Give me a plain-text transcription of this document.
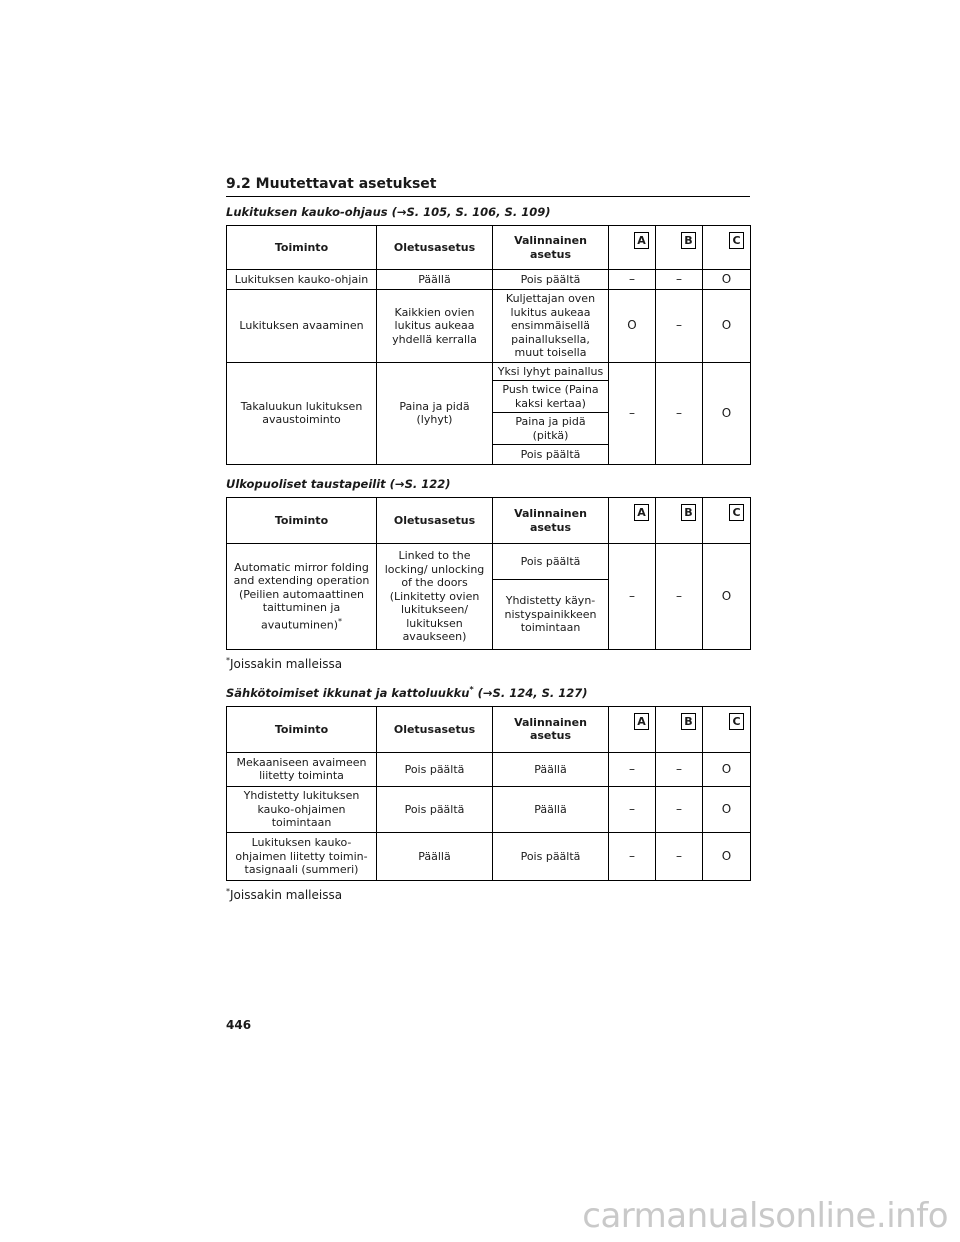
9.2 Muutettavat asetukset
Lukituksen kauko-ohjaus (→S. 105, S. 106, S. 109)
Toiminto	Oletusasetus	Valinnainen asetus	A	B	C
Lukituksen kauko-ohjain	Päällä	Pois päältä	–	–	O
Lukituksen avaaminen	Kaikkien ovien lukitus aukeaa yhdellä kerralla	Kuljettajan oven lukitus aukeaa ensimmäisellä painalluksella, muut toisella	O	–	O
Takaluukun lukituksen avaustoiminto	Paina ja pidä (lyhyt)	Yksi lyhyt painallus	–	–	O
		Push twice (Paina kaksi kertaa)			
		Paina ja pidä (pitkä)			
		Pois päältä			
Ulkopuoliset taustapeilit (→S. 122)
Toiminto	Oletusasetus	Valinnainen asetus	A	B	C
Automatic mirror folding and extending operation (Peilien automaattinen taittuminen ja avautuminen)*	Linked to the locking/ unlocking of the doors (Linkitetty ovien lukitukseen/ lukituksen avaukseen)	Pois päältä	–	–	O
		Yhdistetty käyn-nistyspainikkeen toimintaan			
*Joissakin malleissa
Sähkötoimiset ikkunat ja kattoluukku* (→S. 124, S. 127)
Toiminto	Oletusasetus	Valinnainen asetus	A	B	C
Mekaaniseen avaimeen liitetty toiminta	Pois päältä	Päällä	–	–	O
Yhdistetty lukituksen kauko-ohjaimen toimintaan	Pois päältä	Päällä	–	–	O
Lukituksen kauko-ohjaimen liitetty toimin-tasignaali (summeri)	Päällä	Pois päältä	–	–	O
*Joissakin malleissa
446
carmanualsonline.info
